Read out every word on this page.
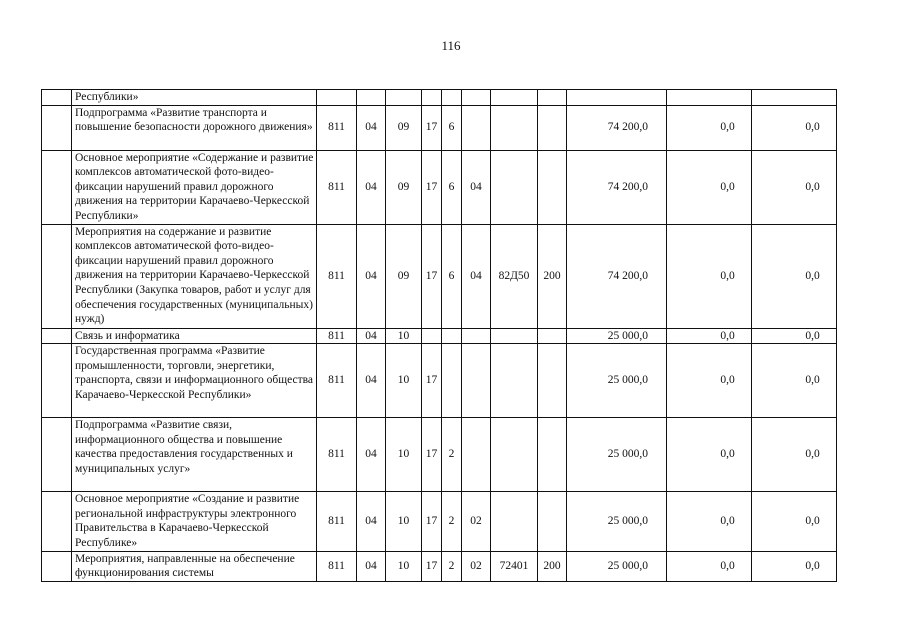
116
	Республики»											
	Подпрограмма «Развитие транспорта и повышение безопасности дорожного движения»	811	04	09	17	6				74 200,0	0,0	0,0
	Основное мероприятие «Содержание и развитие комплексов автоматической фото-видео-фиксации нарушений правил дорожного движения на территории Карачаево-Черкесской Республики»	811	04	09	17	6	04			74 200,0	0,0	0,0
	Мероприятия на содержание и развитие комплексов автоматической фото-видео-фиксации нарушений правил дорожного движения на территории Карачаево-Черкесской Республики (Закупка товаров, работ и услуг для обеспечения государственных (муниципальных) нужд)	811	04	09	17	6	04	82Д50	200	74 200,0	0,0	0,0
	Связь и информатика	811	04	10						25 000,0	0,0	0,0
	Государственная программа «Развитие промышленности, торговли, энергетики, транспорта, связи и информационного общества Карачаево-Черкесской Республики»	811	04	10	17					25 000,0	0,0	0,0
	Подпрограмма «Развитие связи, информационного общества и повышение качества предоставления государственных и муниципальных услуг»	811	04	10	17	2				25 000,0	0,0	0,0
	Основное мероприятие «Создание и развитие региональной инфраструктуры электронного Правительства в Карачаево-Черкесской Республике»	811	04	10	17	2	02			25 000,0	0,0	0,0
	Мероприятия, направленные на обеспечение функционирования системы	811	04	10	17	2	02	72401	200	25 000,0	0,0	0,0
